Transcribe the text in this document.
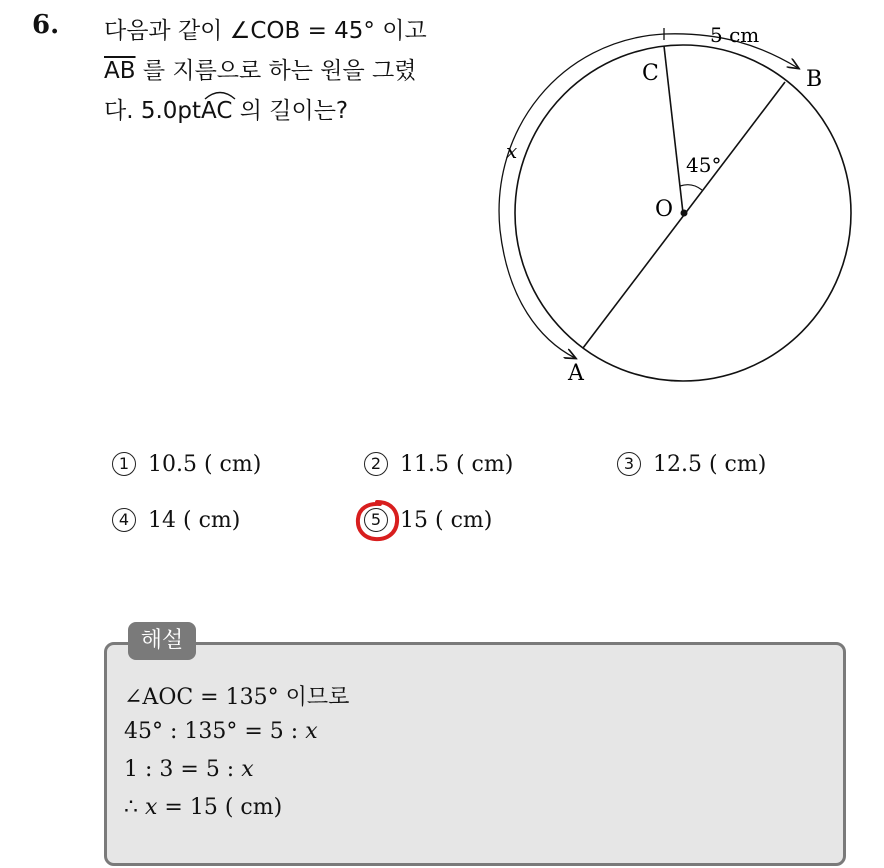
6. 다음과 같이 ∠COB = 45° 이고
$\overline{AB}$ 를 지름으로 하는 원을 그렸
다. 5.0pt
AC 의 길이는?
C	B
O
A
x
45°
5 cm
1 10.5 ( cm)	2 11.5 ( cm)	3 12.5 ( cm)
4 14 ( cm)	5 15 ( cm)
해설
∠AOC = 135° 이므로
45° : 135° = 5 : x
1 : 3 = 5 : x
∴ x = 15 ( cm)
